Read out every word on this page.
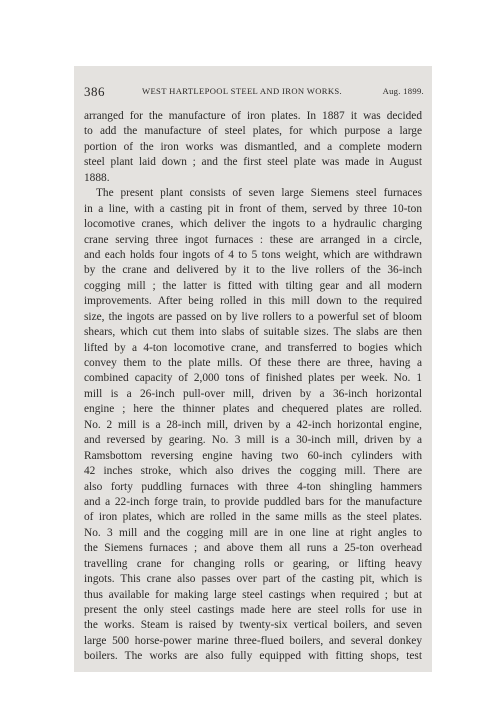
386	WEST HARTLEPOOL STEEL AND IRON WORKS.	Aug. 1899.
arranged for the manufacture of iron plates. In 1887 it was decided
to add the manufacture of steel plates, for which purpose a large
portion of the iron works was dismantled, and a complete modern
steel plant laid down ; and the first steel plate was made in August
1888.
The present plant consists of seven large Siemens steel furnaces
in a line, with a casting pit in front of them, served by three 10-ton
locomotive cranes, which deliver the ingots to a hydraulic charging
crane serving three ingot furnaces : these are arranged in a circle,
and each holds four ingots of 4 to 5 tons weight, which are withdrawn
by the crane and delivered by it to the live rollers of the 36-inch
cogging mill ; the latter is fitted with tilting gear and all modern
improvements. After being rolled in this mill down to the required
size, the ingots are passed on by live rollers to a powerful set of bloom
shears, which cut them into slabs of suitable sizes. The slabs are then
lifted by a 4-ton locomotive crane, and transferred to bogies which
convey them to the plate mills. Of these there are three, having a
combined capacity of 2,000 tons of finished plates per week. No. 1
mill is a 26-inch pull-over mill, driven by a 36-inch horizontal
engine ; here the thinner plates and chequered plates are rolled.
No. 2 mill is a 28-inch mill, driven by a 42-inch horizontal engine,
and reversed by gearing. No. 3 mill is a 30-inch mill, driven by a
Ramsbottom reversing engine having two 60-inch cylinders with
42 inches stroke, which also drives the cogging mill. There are
also forty puddling furnaces with three 4-ton shingling hammers
and a 22-inch forge train, to provide puddled bars for the manufacture
of iron plates, which are rolled in the same mills as the steel plates.
No. 3 mill and the cogging mill are in one line at right angles to
the Siemens furnaces ; and above them all runs a 25-ton overhead
travelling crane for changing rolls or gearing, or lifting heavy
ingots. This crane also passes over part of the casting pit, which is
thus available for making large steel castings when required ; but at
present the only steel castings made here are steel rolls for use in
the works. Steam is raised by twenty-six vertical boilers, and seven
large 500 horse-power marine three-flued boilers, and several donkey
boilers. The works are also fully equipped with fitting shops, test
